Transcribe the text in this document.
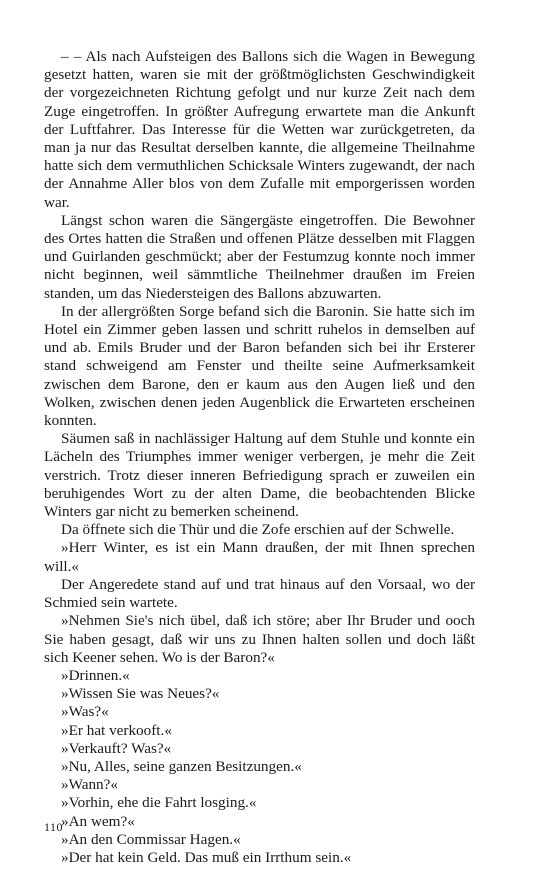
– – Als nach Aufsteigen des Ballons sich die Wagen in Bewegung gesetzt hatten, waren sie mit der größtmöglichsten Geschwindigkeit der vorgezeichneten Richtung gefolgt und nur kurze Zeit nach dem Zuge eingetroffen. In größter Aufregung erwartete man die Ankunft der Luftfahrer. Das Interesse für die Wetten war zurückgetreten, da man ja nur das Resultat derselben kannte, die allgemeine Theilnahme hatte sich dem vermuthlichen Schicksale Winters zugewandt, der nach der Annahme Aller blos von dem Zufalle mit emporgerissen worden war.

Längst schon waren die Sängergäste eingetroffen. Die Bewohner des Ortes hatten die Straßen und offenen Plätze desselben mit Flaggen und Guirlanden geschmückt; aber der Festumzug konnte noch immer nicht beginnen, weil sämmtliche Theilnehmer draußen im Freien standen, um das Niedersteigen des Ballons abzuwarten.

In der allergrößten Sorge befand sich die Baronin. Sie hatte sich im Hotel ein Zimmer geben lassen und schritt ruhelos in demselben auf und ab. Emils Bruder und der Baron befanden sich bei ihr Ersterer stand schweigend am Fenster und theilte seine Aufmerksamkeit zwischen dem Barone, den er kaum aus den Augen ließ und den Wolken, zwischen denen jeden Augenblick die Erwarteten erscheinen konnten.

Säumen saß in nachlässiger Haltung auf dem Stuhle und konnte ein Lächeln des Triumphes immer weniger verbergen, je mehr die Zeit verstrich. Trotz dieser inneren Befriedigung sprach er zuweilen ein beruhigendes Wort zu der alten Dame, die beobachtenden Blicke Winters gar nicht zu bemerken scheinend.

Da öffnete sich die Thür und die Zofe erschien auf der Schwelle.

»Herr Winter, es ist ein Mann draußen, der mit Ihnen sprechen will.«

Der Angeredete stand auf und trat hinaus auf den Vorsaal, wo der Schmied sein wartete.

»Nehmen Sie's nich übel, daß ich störe; aber Ihr Bruder und ooch Sie haben gesagt, daß wir uns zu Ihnen halten sollen und doch läßt sich Keener sehen. Wo is der Baron?«

»Drinnen.«

»Wissen Sie was Neues?«

»Was?«

»Er hat verkooft.«

»Verkauft? Was?«

»Nu, Alles, seine ganzen Besitzungen.«

»Wann?«

»Vorhin, ehe die Fahrt losging.«

»An wem?«

»An den Commissar Hagen.«

»Der hat kein Geld. Das muß ein Irrthum sein.«

110
